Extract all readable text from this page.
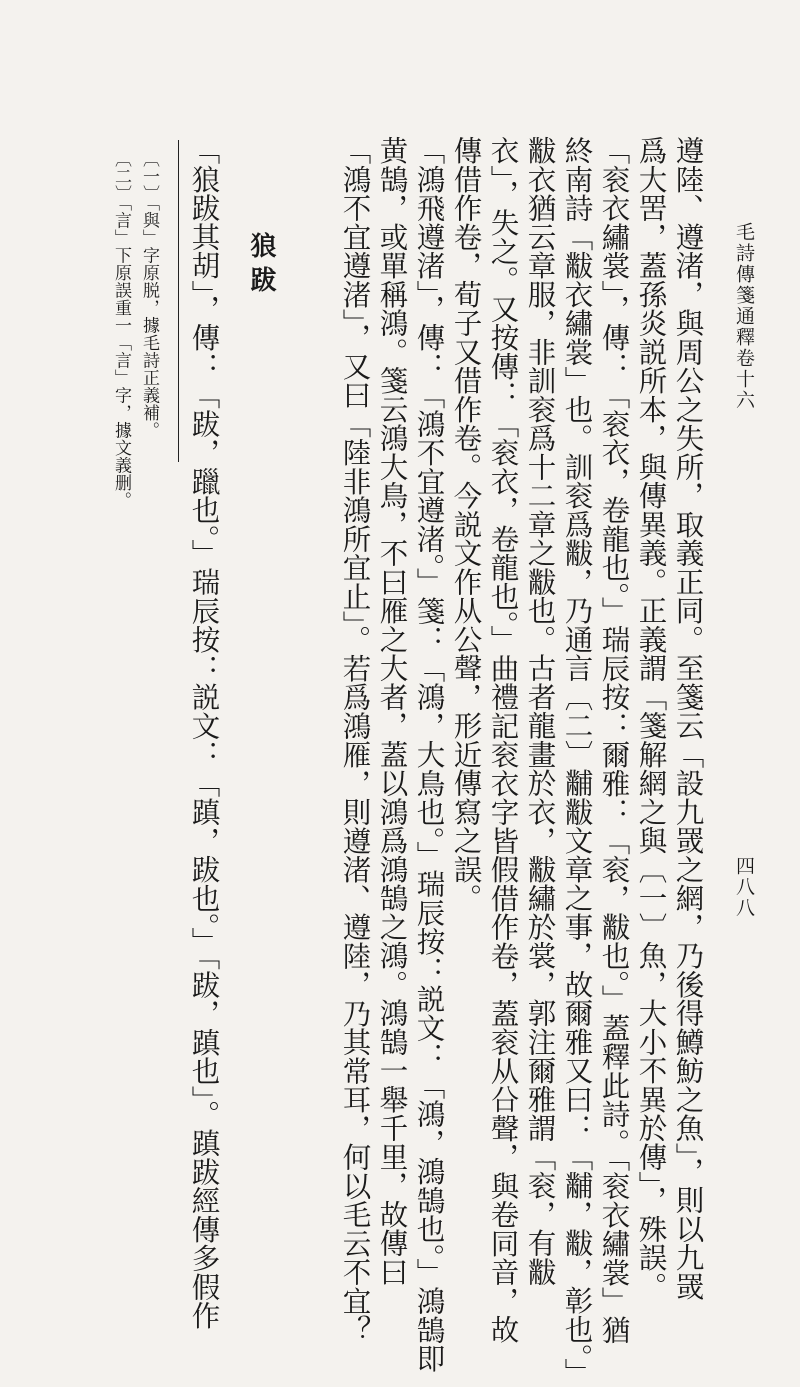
毛詩傳箋通釋卷十六
四八八
遵陸、遵渚，與周公之失所，取義正同。至箋云「設九罭之網，乃後得鱒魴之魚」，則以九罭
爲大罟，蓋孫炎説所本，與傳異義。正義謂「箋解網之與〔一〕魚，大小不異於傳」，殊誤。
「衮衣繡裳」，傳：「衮衣，卷龍也。」瑞辰按：爾雅：「衮，黻也。」蓋釋此詩。「衮衣繡裳」猶
終南詩「黻衣繡裳」也。訓衮爲黻，乃通言〔二〕黼黻文章之事，故爾雅又曰：「黼，黻，彰也。」
黻衣猶云章服，非訓衮爲十二章之黻也。古者龍畫於衣，黻繡於裳，郭注爾雅謂「衮，有黻
衣」，失之。又按傳：「衮衣，卷龍也。」曲禮記衮衣字皆假借作卷，蓋衮从㕣聲，與卷同音，故
傳借作卷，荀子又借作卷。今説文作从公聲，形近傳寫之誤。
「鴻飛遵渚」，傳：「鴻不宜遵渚。」箋：「鴻，大鳥也。」瑞辰按：説文：「鴻，鴻鵠也。」鴻鵠即
黄鵠，或單稱鴻。箋云鴻大鳥，不曰雁之大者，蓋以鴻爲鴻鵠之鴻。鴻鵠一舉千里，故傳曰
「鴻不宜遵渚」，又曰「陸非鴻所宜止」。若爲鴻雁，則遵渚、遵陸，乃其常耳，何以毛云不宜？
狼跋
「狼跋其胡」，傳：「跋，躐也。」瑞辰按：説文：「蹎，跋也。」「跋，蹎也」。蹎跋經傳多假作
〔一〕「與」字原脱，據毛詩正義補。
〔二〕「言」下原誤重一「言」字，據文義删。
